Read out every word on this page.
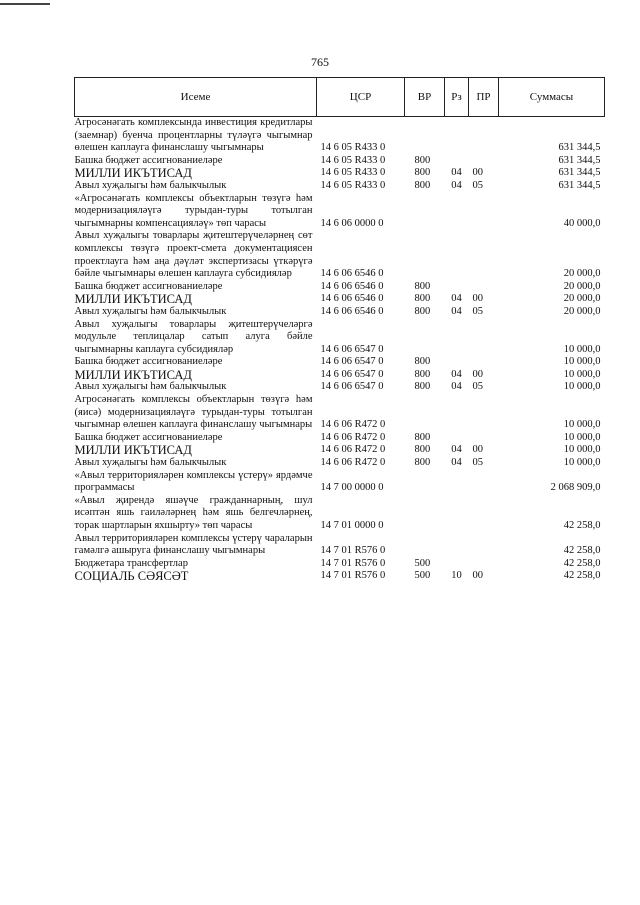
765
Исеме	ЦСР	ВР	Рз	ПР	Суммасы
Агросәнәгать комплексында инвестиция кредитлары (заемнар) буенча процентларны түләүгә чыгымнар өлешен каплауга финанслашу чыгымнары	14 6 05 R433 0				631 344,5
Башка бюджет ассигнованиеләре	14 6 05 R433 0	800			631 344,5
МИЛЛИ ИКЪТИСАД	14 6 05 R433 0	800	04	00	631 344,5
Авыл хуҗалыгы һәм балыкчылык	14 6 05 R433 0	800	04	05	631 344,5
«Агросәнәгать комплексы объектларын төзүгә һәм модернизацияләүгә турыдан-туры тотылган чыгымнарны компенсацияләү» төп чарасы	14 6 06 0000 0				40 000,0
Авыл хуҗалыгы товарлары җитештерүчеләрнең сөт комплексы төзүгә проект-смета документациясен проектлауга һәм аңа дәүләт экспертизасы үткәрүгә бәйле чыгымнары өлешен каплауга субсидияләр	14 6 06 6546 0				20 000,0
Башка бюджет ассигнованиеләре	14 6 06 6546 0	800			20 000,0
МИЛЛИ ИКЪТИСАД	14 6 06 6546 0	800	04	00	20 000,0
Авыл хуҗалыгы һәм балыкчылык	14 6 06 6546 0	800	04	05	20 000,0
Авыл хуҗалыгы товарлары җитештерүчеләргә модульле теплицалар сатып алуга бәйле чыгымнарны каплауга субсидияләр	14 6 06 6547 0				10 000,0
Башка бюджет ассигнованиеләре	14 6 06 6547 0	800			10 000,0
МИЛЛИ ИКЪТИСАД	14 6 06 6547 0	800	04	00	10 000,0
Авыл хуҗалыгы һәм балыкчылык	14 6 06 6547 0	800	04	05	10 000,0
Агросәнәгать комплексы объектларын төзүгә һәм (яисә) модернизацияләүгә турыдан-туры тотылган чыгымнар өлешен каплауга финанслашу чыгымнары	14 6 06 R472 0				10 000,0
Башка бюджет ассигнованиеләре	14 6 06 R472 0	800			10 000,0
МИЛЛИ ИКЪТИСАД	14 6 06 R472 0	800	04	00	10 000,0
Авыл хуҗалыгы һәм балыкчылык	14 6 06 R472 0	800	04	05	10 000,0
«Авыл территорияләрен комплексы үстерү» ярдәмче программасы	14 7 00 0000 0				2 068 909,0
«Авыл җирендә яшәүче гражданнарның, шул исәптән яшь гаиләләрнең һәм яшь белгечләрнең, торак шартларын яхшырту» төп чарасы	14 7 01 0000 0				42 258,0
Авыл территорияләрен комплексы үстерү чараларын гамәлгә ашыруга финанслашу чыгымнары	14 7 01 R576 0				42 258,0
Бюджетара трансфертлар	14 7 01 R576 0	500			42 258,0
СОЦИАЛЬ СӘЯСӘТ	14 7 01 R576 0	500	10	00	42 258,0
